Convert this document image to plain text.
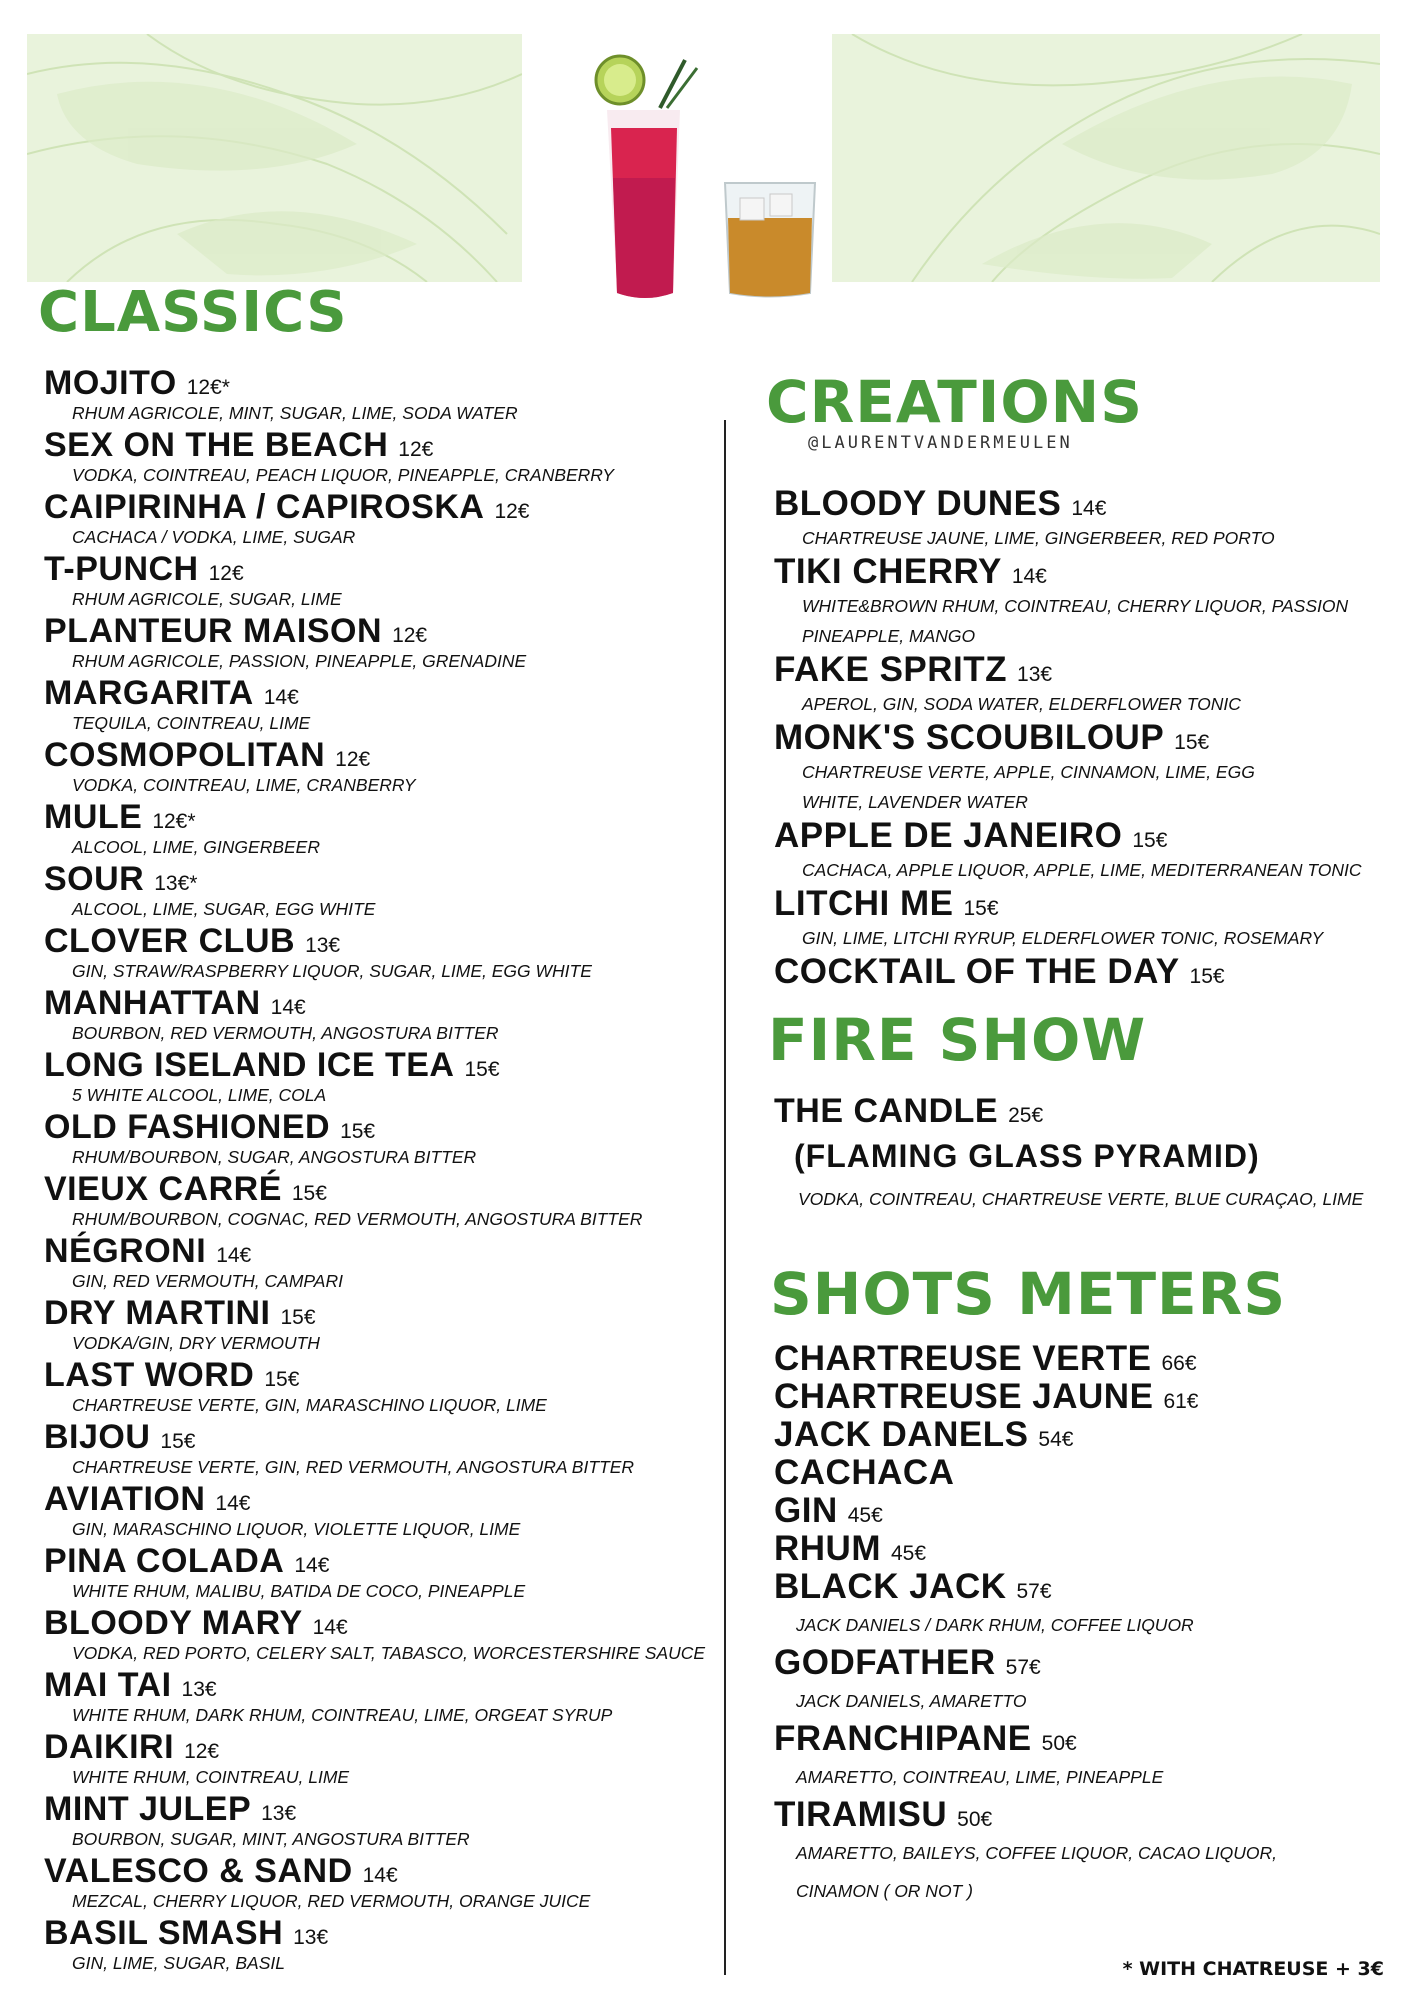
CLASSICS
MOJITO 12€*
RHUM AGRICOLE, MINT, SUGAR, LIME, SODA WATER
SEX ON THE BEACH 12€
VODKA, COINTREAU, PEACH LIQUOR, PINEAPPLE, CRANBERRY
CAIPIRINHA / CAPIROSKA 12€
CACHACA / VODKA, LIME, SUGAR
T-PUNCH 12€
RHUM AGRICOLE, SUGAR, LIME
PLANTEUR MAISON 12€
RHUM AGRICOLE, PASSION, PINEAPPLE, GRENADINE
MARGARITA 14€
TEQUILA, COINTREAU, LIME
COSMOPOLITAN 12€
VODKA, COINTREAU, LIME, CRANBERRY
MULE 12€*
ALCOOL, LIME, GINGERBEER
SOUR 13€*
ALCOOL, LIME, SUGAR, EGG WHITE
CLOVER CLUB 13€
GIN, STRAW/RASPBERRY LIQUOR, SUGAR, LIME, EGG WHITE
MANHATTAN 14€
BOURBON, RED VERMOUTH, ANGOSTURA BITTER
LONG ISELAND ICE TEA 15€
5 WHITE ALCOOL, LIME, COLA
OLD FASHIONED 15€
RHUM/BOURBON, SUGAR, ANGOSTURA BITTER
VIEUX CARRÉ 15€
RHUM/BOURBON, COGNAC, RED VERMOUTH, ANGOSTURA BITTER
NÉGRONI 14€
GIN, RED VERMOUTH, CAMPARI
DRY MARTINI 15€
VODKA/GIN, DRY VERMOUTH
LAST WORD 15€
CHARTREUSE VERTE, GIN, MARASCHINO LIQUOR, LIME
BIJOU 15€
CHARTREUSE VERTE, GIN, RED VERMOUTH, ANGOSTURA BITTER
AVIATION 14€
GIN, MARASCHINO LIQUOR, VIOLETTE LIQUOR, LIME
PINA COLADA 14€
WHITE RHUM, MALIBU, BATIDA DE COCO, PINEAPPLE
BLOODY MARY 14€
VODKA, RED PORTO, CELERY SALT, TABASCO, WORCESTERSHIRE SAUCE
MAI TAI 13€
WHITE RHUM, DARK RHUM, COINTREAU, LIME, ORGEAT SYRUP
DAIKIRI 12€
WHITE RHUM, COINTREAU, LIME
MINT JULEP 13€
BOURBON, SUGAR, MINT, ANGOSTURA BITTER
VALESCO & SAND 14€
MEZCAL, CHERRY LIQUOR, RED VERMOUTH, ORANGE JUICE
BASIL SMASH 13€
GIN, LIME, SUGAR, BASIL
CREATIONS
@LAURENTVANDERMEULEN
BLOODY DUNES 14€
CHARTREUSE JAUNE, LIME, GINGERBEER, RED PORTO
TIKI CHERRY 14€
WHITE&BROWN RHUM, COINTREAU, CHERRY LIQUOR, PASSION
PINEAPPLE, MANGO
FAKE SPRITZ 13€
APEROL, GIN, SODA WATER, ELDERFLOWER TONIC
MONK'S SCOUBILOUP 15€
CHARTREUSE VERTE, APPLE, CINNAMON, LIME, EGG
WHITE, LAVENDER WATER
APPLE DE JANEIRO 15€
CACHACA, APPLE LIQUOR, APPLE, LIME, MEDITERRANEAN TONIC
LITCHI ME 15€
GIN, LIME, LITCHI RYRUP, ELDERFLOWER TONIC, ROSEMARY
COCKTAIL OF THE DAY 15€
FIRE SHOW
THE CANDLE 25€
(FLAMING GLASS PYRAMID)
VODKA, COINTREAU, CHARTREUSE VERTE, BLUE CURAÇAO, LIME
SHOTS METERS
CHARTREUSE VERTE 66€
CHARTREUSE JAUNE 61€
JACK DANELS 54€
CACHACA
GIN 45€
RHUM 45€
BLACK JACK 57€
JACK DANIELS / DARK RHUM, COFFEE LIQUOR
GODFATHER 57€
JACK DANIELS, AMARETTO
FRANCHIPANE 50€
AMARETTO, COINTREAU, LIME, PINEAPPLE
TIRAMISU 50€
AMARETTO, BAILEYS, COFFEE LIQUOR, CACAO LIQUOR,
CINAMON ( OR NOT )
* WITH CHATREUSE + 3€
